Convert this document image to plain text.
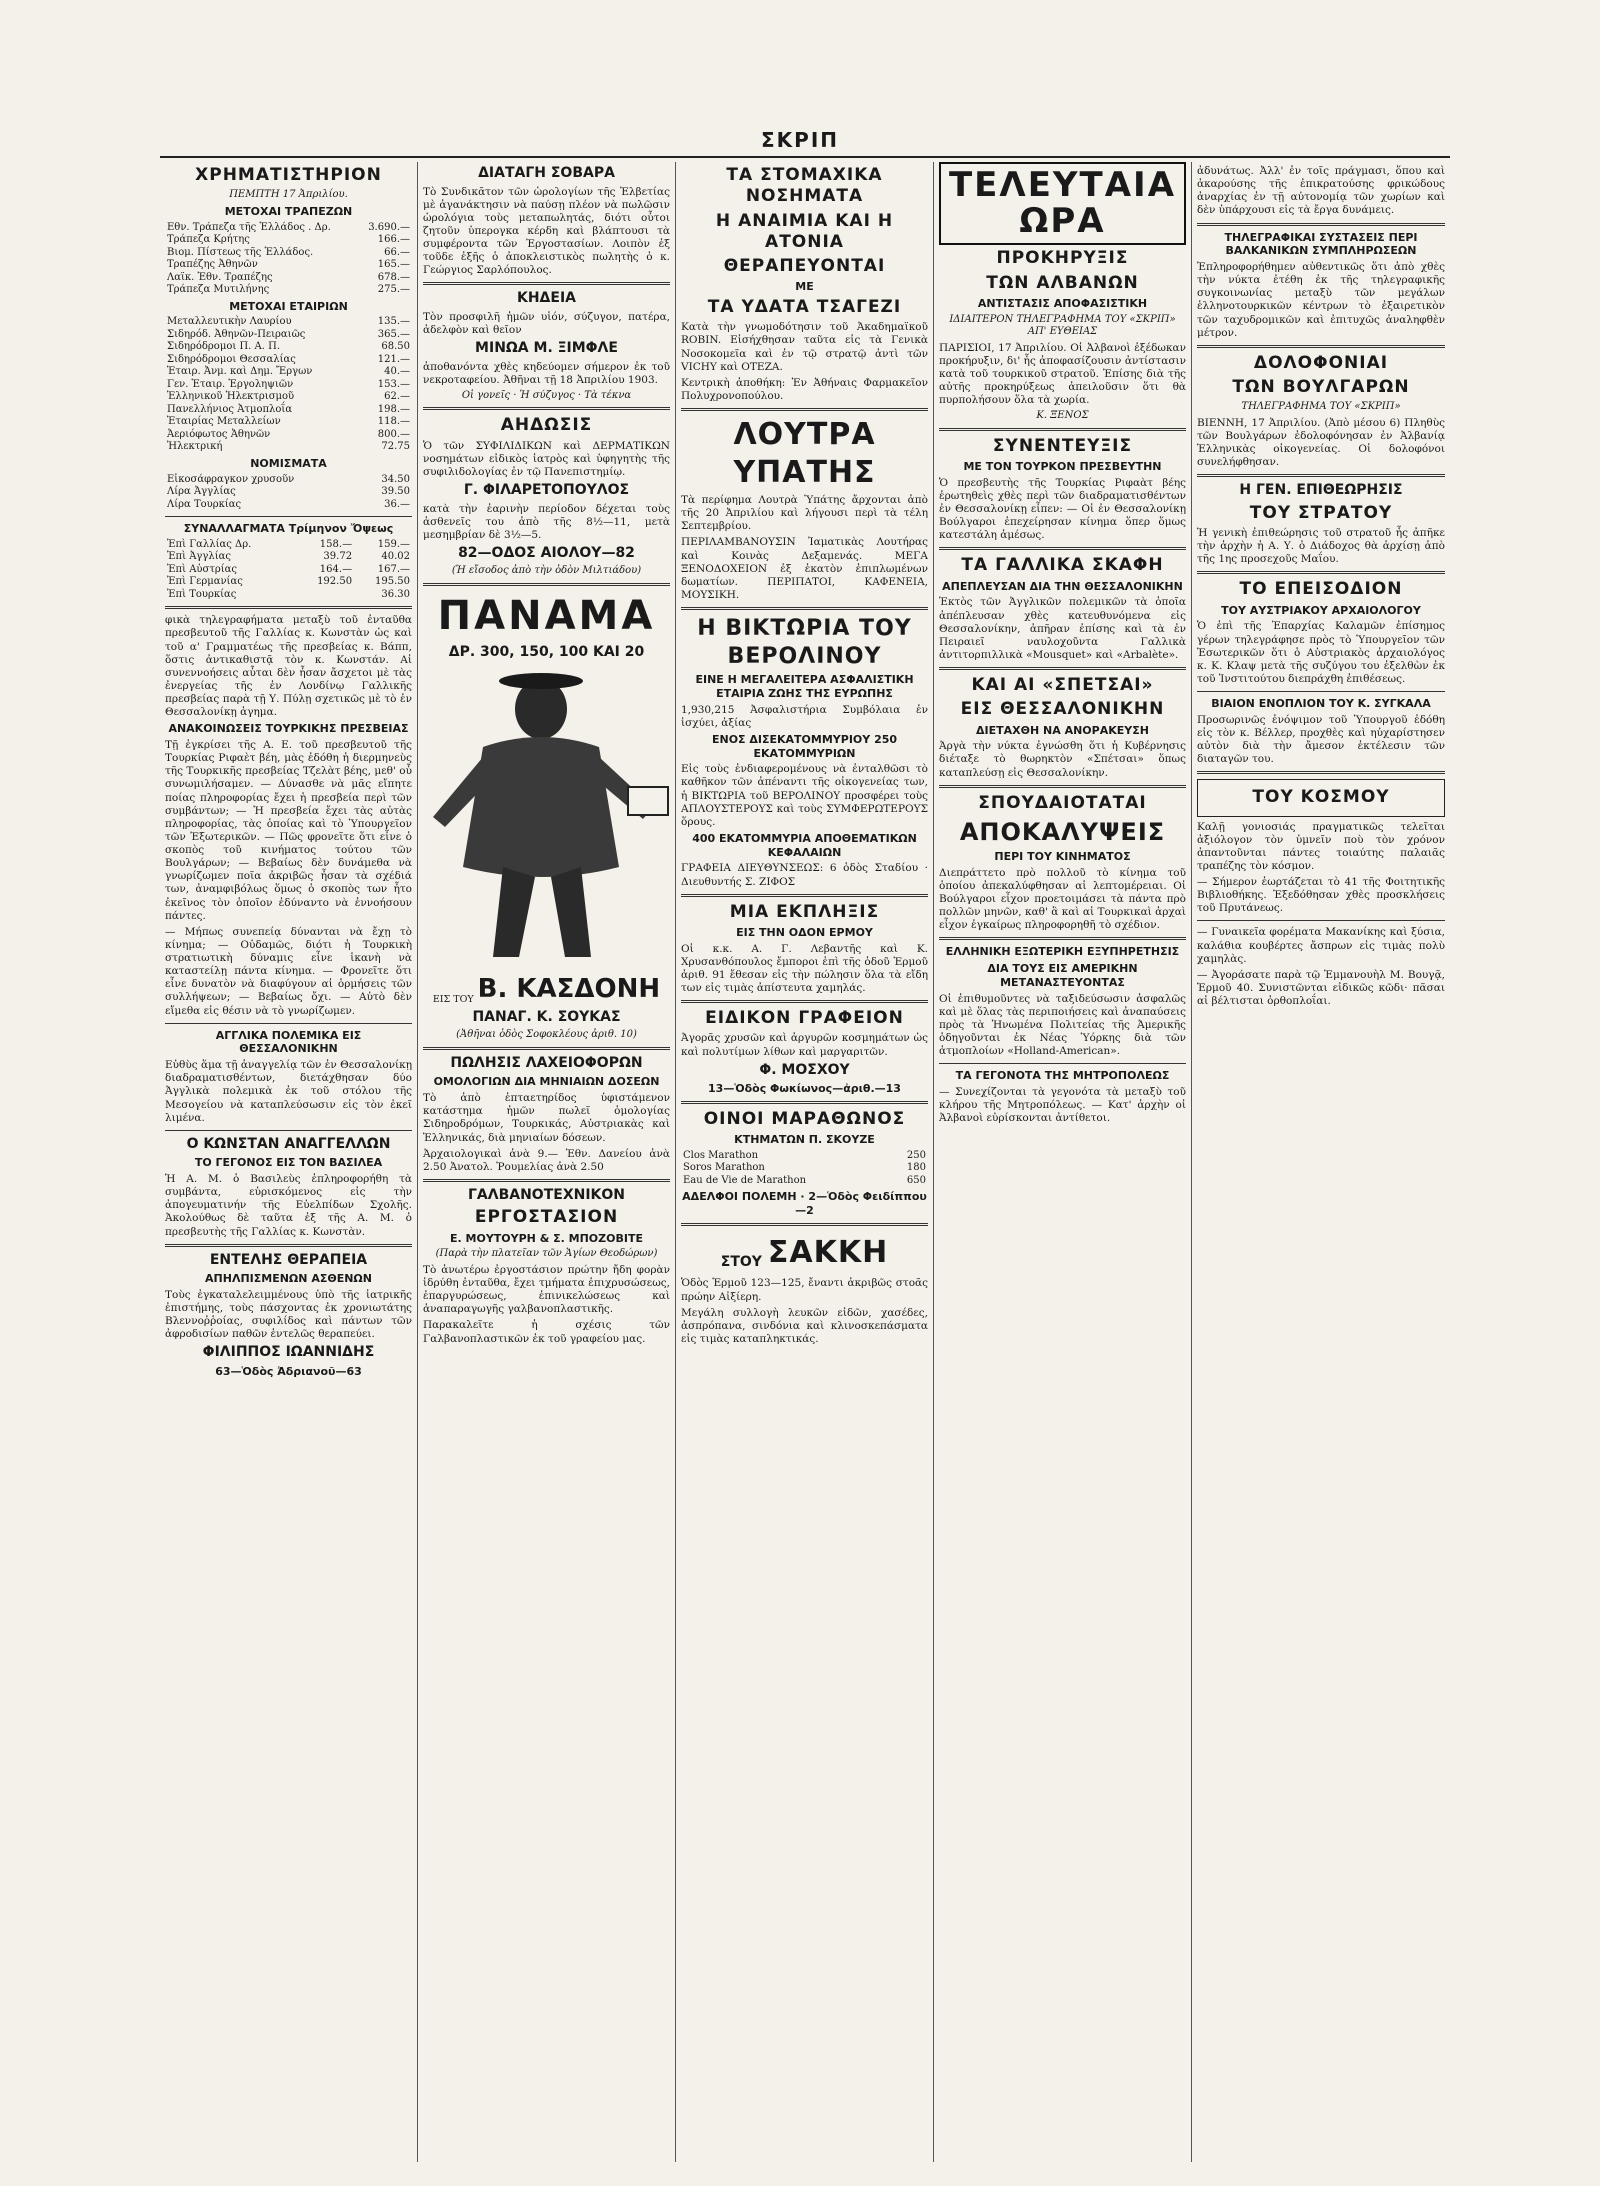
ΣΚΡΙΠ
ΧΡΗΜΑΤΙΣΤΗΡΙΟΝ
ΠΕΜΠΤΗ 17 Ἀπριλίου.
ΜΕΤΟΧΑΙ ΤΡΑΠΕΖΩΝ
Εθν. Τράπεζα τῆς Ἑλλάδος . Δρ.	3.690.—
Τράπεζα Κρήτης	166.—
Βιομ. Πίστεως τῆς Ἑλλάδος.	66.—
Τραπέζης Ἀθηνῶν	165.—
Λαϊκ. Ἐθν. Τραπέζης	678.—
Τράπεζα Μυτιλήνης	275.—
ΜΕΤΟΧΑΙ ΕΤΑΙΡΙΩΝ
Μεταλλευτικὴν Λαυρίου	135.—
Σιδηρόδ. Ἀθηνῶν-Πειραιῶς	365.—
Σιδηρόδρομοι Π. Α. Π.	68.50
Σιδηρόδρομοι Θεσσαλίας	121.—
Ἑταιρ. Ἀνμ. καὶ Δημ. Ἔργων	40.—
Γεν. Ἑταιρ. Ἐργοληψιῶν	153.—
Ἑλληνικοῦ Ἠλεκτρισμοῦ	62.—
Πανελλήνιος Ἀτμοπλοΐα	198.—
Ἑταιρίας Μεταλλείων	118.—
Ἀεριόφωτος Ἀθηνῶν	800.—
Ἠλεκτρική	72.75
ΝΟΜΙΣΜΑΤΑ
Εἰκοσάφραγκον χρυσοῦν	34.50
Λίρα Ἀγγλίας	39.50
Λίρα Τουρκίας	36.—
ΣΥΝΑΛΛΑΓΜΑΤΑ Τρίμηνον Ὄψεως
Ἐπὶ Γαλλίας Δρ.	158.—	159.—
Ἐπὶ Ἀγγλίας	39.72	40.02
Ἐπὶ Αὐστρίας	164.—	167.—
Ἐπὶ Γερμανίας	192.50	195.50
Ἐπὶ Τουρκίας		36.30
φικὰ τηλεγραφήματα μεταξὺ τοῦ ἐνταῦθα πρεσβευτοῦ τῆς Γαλλίας κ. Κωνστὰν ὡς καὶ τοῦ α' Γραμματέως τῆς πρεσβείας κ. Βάππ, ὅστις ἀντικαθιστᾷ τὸν κ. Κωνστάν. Αἱ συνεννοήσεις αὗται δὲν ἦσαν ἄσχετοι μὲ τὰς ἐνεργείας τῆς ἐν Λονδίνῳ Γαλλικῆς πρεσβείας παρὰ τῇ Υ. Πύλῃ σχετικῶς μὲ τὸ ἐν Θεσσαλονίκῃ ἀγημα.
ΑΝΑΚΟΙΝΩΣΕΙΣ ΤΟΥΡΚΙΚΗΣ ΠΡΕΣΒΕΙΑΣ
Τῇ ἐγκρίσει τῆς Α. Ε. τοῦ πρεσβευτοῦ τῆς Τουρκίας Ριφαὲτ βέη, μὰς ἐδόθη ἡ διερμηνεὺς τῆς Τουρκικῆς πρεσβείας Τζελὰτ βέης, μεθ' οὗ συνωμιλήσαμεν. — Δύνασθε νὰ μᾶς εἴπητε ποίας πληροφορίας ἔχει ἡ πρεσβεία περὶ τῶν συμβάντων; — Ἡ πρεσβεία ἔχει τὰς αὐτὰς πληροφορίας, τὰς ὁποίας καὶ τὸ Ὑπουργεῖον τῶν Ἐξωτερικῶν. — Πῶς φρονεῖτε ὅτι εἶνε ὁ σκοπὸς τοῦ κινήματος τούτου τῶν Βουλγάρων; — Βεβαίως δὲν δυνάμεθα νὰ γνωρίζωμεν ποῖα ἀκριβῶς ἦσαν τὰ σχέδιά των, ἀναμφιβόλως ὅμως ὁ σκοπὸς των ἦτο ἐκεῖνος τὸν ὁποῖον ἐδύναντο νὰ ἐννοήσουν πάντες.
— Μήπως συνεπείᾳ δύνανται νὰ ἔχῃ τὸ κίνημα; — Οὐδαμῶς, διότι ἡ Τουρκικὴ στρατιωτικὴ δύναμις εἶνε ἱκανὴ νὰ καταστείλῃ πάντα κίνημα. — Φρονεῖτε ὅτι εἶνε δυνατὸν νὰ διαφύγουν αἱ ὁρμήσεις τῶν συλλήψεων; — Βεβαίως ὄχι. — Αὐτὸ δὲν εἴμεθα εἰς θέσιν νὰ τὸ γνωρίζωμεν.
ΑΓΓΛΙΚΑ ΠΟΛΕΜΙΚΑ ΕΙΣ ΘΕΣΣΑΛΟΝΙΚΗΝ
Εὐθὺς ἅμα τῇ ἀναγγελίᾳ τῶν ἐν Θεσσαλονίκῃ διαδραματισθέντων, διετάχθησαν δύο Ἀγγλικὰ πολεμικὰ ἐκ τοῦ στόλου τῆς Μεσογείου νὰ καταπλεύσωσιν εἰς τὸν ἐκεῖ λιμένα.
Ο ΚΩΝΣΤΑΝ ΑΝΑΓΓΕΛΛΩΝ
ΤΟ ΓΕΓΟΝΟΣ ΕΙΣ ΤΟΝ ΒΑΣΙΛΕΑ
Ἡ Α. Μ. ὁ Βασιλεὺς ἐπληροφορήθη τὰ συμβάντα, εὑρισκόμενος εἰς τὴν ἀπογευματινήν τῆς Εὐελπίδων Σχολῆς. Ἀκολούθως δὲ ταῦτα ἐξ τῆς Α. Μ. ὁ πρεσβευτὴς τῆς Γαλλίας κ. Κωνστὰν.
ΕΝΤΕΛΗΣ ΘΕΡΑΠΕΙΑ
ΑΠΗΛΠΙΣΜΕΝΩΝ ΑΣΘΕΝΩΝ
Τοὺς ἐγκαταλελειμμένους ὑπὸ τῆς ἰατρικῆς ἐπιστήμης, τοὺς πάσχοντας ἐκ χρονιωτάτης Βλεννοῤῥοίας, συφιλίδος καὶ πάντων τῶν ἀφροδισίων παθῶν ἐντελῶς θεραπεύει.
ΦΙΛΙΠΠΟΣ ΙΩΑΝΝΙΔΗΣ
63—Ὁδὸς Ἀδριανοῦ—63
ΔΙΑΤΑΓΗ ΣΟΒΑΡΑ
Τὸ Συνδικᾶτον τῶν ὡρολογίων τῆς Ἑλβετίας μὲ ἀγανάκτησιν νὰ παύσῃ πλέον νὰ πωλῶσιν ὡρολόγια τοὺς μεταπωλητάς, διότι οὗτοι ζητοῦν ὑπερογκα κέρδη καὶ βλάπτουσι τὰ συμφέροντα τῶν Ἐργοστασίων. Λοιπὸν ἐξ τοῦδε ἐξῆς ὁ ἀποκλειστικὸς πωλητὴς ὁ κ. Γεώργιος Σαρλόπουλος.
ΚΗΔΕΙΑ
Τὸν προσφιλῆ ἡμῶν υἱόν, σύζυγον, πατέρα, ἀδελφὸν καὶ θεῖον
ΜΙΝΩΑ Μ. ΞΙΜΦΛΕ
ἀποθανόντα χθὲς κηδεύομεν σήμερον ἐκ τοῦ νεκροταφείου. Ἀθῆναι τῇ 18 Ἀπριλίου 1903.
Οἱ γονεῖς · Ἡ σύζυγος · Τὰ τέκνα
ΑΗΔΩΣΙΣ
Ὁ τῶν ΣΥΦΙΛΙΔΙΚΩΝ καὶ ΔΕΡΜΑΤΙΚΩΝ νοσημάτων εἰδικὸς ἰατρὸς καὶ ὑφηγητὴς τῆς συφιλιδολογίας ἐν τῷ Πανεπιστημίῳ.
Γ. ΦΙΛΑΡΕΤΟΠΟΥΛΟΣ
κατὰ τὴν ἐαρινὴν περίοδον δέχεται τοὺς ἀσθενεῖς του ἀπὸ τῆς 8½—11, μετὰ μεσημβρίαν δὲ 3½—5.
82—ΟΔΟΣ ΑΙΟΛΟΥ—82
(Ἡ εἴσοδος ἀπὸ τὴν ὁδὸν Μιλτιάδου)
ΠΑΝΑΜΑ
ΔΡ. 300, 150, 100 ΚΑΙ 20
ΕΙΣ ΤΟΥ Β. ΚΑΣΔΟΝΗ
ΠΑΝΑΓ. Κ. ΣΟΥΚΑΣ
(Ἀθῆναι ὁδὸς Σοφοκλέους ἀριθ. 10)
ΠΩΛΗΣΙΣ ΛΑΧΕΙΟΦΟΡΩΝ
ΟΜΟΛΟΓΙΩΝ ΔΙΑ ΜΗΝΙΑΙΩΝ ΔΟΣΕΩΝ
Τὸ ἀπὸ ἑπταετηρίδος ὑφιστάμενον κατάστημα ἡμῶν πωλεῖ ὁμολογίας Σιδηροδρόμων, Τουρκικάς, Αὐστριακὰς καὶ Ἑλληνικάς, διὰ μηνιαίων δόσεων.
Ἀρχαιολογικαὶ ἀνὰ 9.— Ἐθν. Δανείου ἀνὰ 2.50 Ἀνατολ. Ῥουμελίας ἀνὰ 2.50
ΓΑΛΒΑΝΟΤΕΧΝΙΚΟΝ
ΕΡΓΟΣΤΑΣΙΟΝ
Ε. ΜΟΥΤΟΥΡΗ & Σ. ΜΠΟΖΟΒΙΤΕ
(Παρὰ τὴν πλατεῖαν τῶν Ἁγίων Θεοδώρων)
Τὸ ἀνωτέρω ἐργοστάσιον πρώτην ἤδη φορὰν ἱδρύθη ἐνταῦθα, ἔχει τμήματα ἐπιχρυσώσεως, ἐπαργυρώσεως, ἐπινικελώσεως καὶ ἀναπαραγωγῆς γαλβανοπλαστικῆς.
Παρακαλεῖτε ἡ σχέσις τῶν Γαλβανοπλαστικῶν ἐκ τοῦ γραφείου μας.
ΤΑ ΣΤΟΜΑΧΙΚΑ ΝΟΣΗΜΑΤΑ
Η ΑΝΑΙΜΙΑ ΚΑΙ Η ΑΤΟΝΙΑ
ΘΕΡΑΠΕΥΟΝΤΑΙ
ΜΕ
ΤΑ ΥΔΑΤΑ ΤΣΑΓΕΖΙ
Κατὰ τὴν γνωμοδότησιν τοῦ Ἀκαδημαϊκοῦ ROBIN. Εἰσήχθησαν ταῦτα εἰς τὰ Γενικὰ Νοσοκομεῖα καὶ ἐν τῷ στρατῷ ἀντὶ τῶν VICHY καὶ OTEZA.
Κεντρικὴ ἀποθήκη: Ἐν Ἀθήναις Φαρμακεῖον Πολυχρονοπούλου.
ΛΟΥΤΡΑ ΥΠΑΤΗΣ
Τὰ περίφημα Λουτρὰ Ὑπάτης ἄρχονται ἀπὸ τῆς 20 Ἀπριλίου καὶ λήγουσι περὶ τὰ τέλη Σεπτεμβρίου.
ΠΕΡΙΛΑΜΒΑΝΟΥΣΙΝ Ἰαματικὰς Λουτήρας καὶ Κοινὰς Δεξαμενάς. ΜΕΓΑ ΞΕΝΟΔΟΧΕΙΟΝ ἐξ ἑκατὸν ἐπιπλωμένων δωματίων. ΠΕΡΙΠΑΤΟΙ, ΚΑΦΕΝΕΙΑ, ΜΟΥΣΙΚΗ.
Η ΒΙΚΤΩΡΙΑ ΤΟΥ ΒΕΡΟΛΙΝΟΥ
ΕΙΝΕ Η ΜΕΓΑΛΕΙΤΕΡΑ ΑΣΦΑΛΙΣΤΙΚΗ ΕΤΑΙΡΙΑ ΖΩΗΣ ΤΗΣ ΕΥΡΩΠΗΣ
1,930,215 Ἀσφαλιστήρια Συμβόλαια ἐν ἰσχύει, ἀξίας
ΕΝΟΣ ΔΙΣΕΚΑΤΟΜΜΥΡΙΟΥ 250 ΕΚΑΤΟΜΜΥΡΙΩΝ
Εἰς τοὺς ἐνδιαφερομένους νὰ ἐνταλθῶσι τὸ καθῆκον τῶν ἀπέναντι τῆς οἰκογενείας των, ἡ ΒΙΚΤΩΡΙΑ τοῦ ΒΕΡΟΛΙΝΟΥ προσφέρει τοὺς ΑΠΛΟΥΣΤΕΡΟΥΣ καὶ τοὺς ΣΥΜΦΕΡΩΤΕΡΟΥΣ ὅρους.
400 ΕΚΑΤΟΜΜΥΡΙΑ ΑΠΟΘΕΜΑΤΙΚΩΝ ΚΕΦΑΛΑΙΩΝ
ΓΡΑΦΕΙΑ ΔΙΕΥΘΥΝΣΕΩΣ: 6 ὁδὸς Σταδίου · Διευθυντής Σ. ΖΙΦΟΣ
ΜΙΑ ΕΚΠΛΗΞΙΣ
ΕΙΣ ΤΗΝ ΟΔΟΝ ΕΡΜΟΥ
Οἱ κ.κ. Α. Γ. Λεβαντῆς καὶ Κ. Χρυσανθόπουλος ἔμποροι ἐπὶ τῆς ὁδοῦ Ἑρμοῦ ἀριθ. 91 ἔθεσαν εἰς τὴν πώλησιν ὅλα τὰ εἴδη των εἰς τιμὰς ἀπίστευτα χαμηλάς.
ΕΙΔΙΚΟΝ ΓΡΑΦΕΙΟΝ
Ἀγορᾶς χρυσῶν καὶ ἀργυρῶν κοσμημάτων ὡς καὶ πολυτίμων λίθων καὶ μαργαριτῶν.
Φ. ΜΟΣΧΟΥ
13—Ὁδὸς Φωκίωνος—ἀριθ.—13
ΟΙΝΟΙ ΜΑΡΑΘΩΝΟΣ
ΚΤΗΜΑΤΩΝ Π. ΣΚΟΥΖΕ
Clos Marathon	250
Soros Marathon	180
Eau de Vie de Marathon	650
ΑΔΕΛΦΟΙ ΠΟΛΕΜΗ · 2—Ὁδὸς Φειδίππου—2
ΣΤΟΥ ΣΑΚΚΗ
Ὁδὸς Ἑρμοῦ 123—125, ἔναντι ἀκριβῶς στοᾶς πρώην Αἰξίερη.
Μεγάλη συλλογὴ λευκῶν εἰδῶν, χασέδες, ἀσπρόπανα, σινδόνια καὶ κλινοσκεπάσματα εἰς τιμὰς καταπληκτικάς.
ΤΕΛΕΥΤΑΙΑ ΩΡΑ
ΠΡΟΚΗΡΥΞΙΣ
ΤΩΝ ΑΛΒΑΝΩΝ
ΑΝΤΙΣΤΑΣΙΣ ΑΠΟΦΑΣΙΣΤΙΚΗ
ΙΔΙΑΙΤΕΡΟΝ ΤΗΛΕΓΡΑΦΗΜΑ ΤΟΥ «ΣΚΡΙΠ» ΑΠ' ΕΥΘΕΙΑΣ
ΠΑΡΙΣΙΟΙ, 17 Ἀπριλίου. Οἱ Ἀλβανοὶ ἐξέδωκαν προκήρυξιν, δι' ἧς ἀποφασίζουσιν ἀντίστασιν κατὰ τοῦ τουρκικοῦ στρατοῦ. Ἐπίσης διὰ τῆς αὐτῆς προκηρύξεως ἀπειλοῦσιν ὅτι θὰ πυρπολήσουν ὅλα τὰ χωρία.
Κ. ΞΕΝΟΣ
ΣΥΝΕΝΤΕΥΞΙΣ
ΜΕ ΤΟΝ ΤΟΥΡΚΟΝ ΠΡΕΣΒΕΥΤΗΝ
Ὁ πρεσβευτὴς τῆς Τουρκίας Ριφαὰτ βέης ἐρωτηθεὶς χθὲς περὶ τῶν διαδραματισθέντων ἐν Θεσσαλονίκῃ εἶπεν: — Οἱ ἐν Θεσσαλονίκῃ Βούλγαροι ἐπεχείρησαν κίνημα ὅπερ ὅμως κατεστάλη ἀμέσως.
ΤΑ ΓΑΛΛΙΚΑ ΣΚΑΦΗ
ΑΠΕΠΛΕΥΣΑΝ ΔΙΑ ΤΗΝ ΘΕΣΣΑΛΟΝΙΚΗΝ
Ἐκτὸς τῶν Ἀγγλικῶν πολεμικῶν τὰ ὁποῖα ἀπέπλευσαν χθὲς κατευθυνόμενα εἰς Θεσσαλονίκην, ἀπῆραν ἐπίσης καὶ τὰ ἐν Πειραιεῖ ναυλοχοῦντα Γαλλικὰ ἀντιτορπιλλικὰ «Mousquet» καὶ «Arbalète».
ΚΑΙ ΑΙ «ΣΠΕΤΣΑΙ»
ΕΙΣ ΘΕΣΣΑΛΟΝΙΚΗΝ
ΔΙΕΤΑΧΘΗ ΝΑ ΑΝΟΡΑΚΕΥΣΗ
Ἀργὰ τὴν νύκτα ἐγνώσθη ὅτι ἡ Κυβέρνησις διέταξε τὸ θωρηκτὸν «Σπέτσαι» ὅπως καταπλεύσῃ εἰς Θεσσαλονίκην.
ΣΠΟΥΔΑΙΟΤΑΤΑΙ
ΑΠΟΚΑΛΥΨΕΙΣ
ΠΕΡΙ ΤΟΥ ΚΙΝΗΜΑΤΟΣ
Διεπράττετο πρὸ πολλοῦ τὸ κίνημα τοῦ ὁποίου ἀπεκαλύφθησαν αἱ λεπτομέρειαι. Οἱ Βούλγαροι εἶχον προετοιμάσει τὰ πάντα πρὸ πολλῶν μηνῶν, καθ' ἃ καὶ αἱ Τουρκικαὶ ἀρχαὶ εἶχον ἐγκαίρως πληροφορηθῆ τὸ σχέδιον.
ΕΛΛΗΝΙΚΗ ΕΞΩΤΕΡΙΚΗ ΕΞΥΠΗΡΕΤΗΣΙΣ
ΔΙΑ ΤΟΥΣ ΕΙΣ ΑΜΕΡΙΚΗΝ ΜΕΤΑΝΑΣΤΕΥΟΝΤΑΣ
Οἱ ἐπιθυμοῦντες νὰ ταξιδεύσωσιν ἀσφαλῶς καὶ μὲ ὅλας τὰς περιποιήσεις καὶ ἀναπαύσεις πρὸς τὰ Ἡνωμένα Πολιτείας τῆς Ἀμερικῆς ὁδηγοῦνται ἐκ Νέας Ὑόρκης διὰ τῶν ἀτμοπλοίων «Holland-American».
ΤΑ ΓΕΓΟΝΟΤΑ ΤΗΣ ΜΗΤΡΟΠΟΛΕΩΣ
— Συνεχίζονται τὰ γεγονότα τὰ μεταξὺ τοῦ κλήρου τῆς Μητροπόλεως. — Κατ' ἀρχὴν οἱ Ἀλβανοὶ εὑρίσκονται ἀντίθετοι.
ἀδυνάτως. Ἀλλ' ἐν τοῖς πράγμασι, ὅπου καὶ ἀκαρούσης τῆς ἐπικρατούσης φρικώδους ἀναρχίας ἐν τῇ αὐτονομίᾳ τῶν χωρίων καὶ δὲν ὑπάρχουσι εἰς τὰ ἔργα δυνάμεις.
ΤΗΛΕΓΡΑΦΙΚΑΙ ΣΥΣΤΑΣΕΙΣ ΠΕΡΙ ΒΑΛΚΑΝΙΚΩΝ ΣΥΜΠΛΗΡΩΣΕΩΝ
Ἐπληροφορήθημεν αὐθεντικῶς ὅτι ἀπὸ χθὲς τὴν νύκτα ἐτέθη ἐκ τῆς τηλεγραφικῆς συγκοινωνίας μεταξὺ τῶν μεγάλων ἑλληνοτουρκικῶν κέντρων τὸ ἐξαιρετικὸν τῶν ταχυδρομικῶν καὶ ἐπιτυχῶς ἀναληφθὲν μέτρον.
ΔΟΛΟΦΟΝΙΑΙ
ΤΩΝ ΒΟΥΛΓΑΡΩΝ
ΤΗΛΕΓΡΑΦΗΜΑ ΤΟΥ «ΣΚΡΙΠ»
ΒΙΕΝΝΗ, 17 Ἀπριλίου. (Ἀπὸ μέσου 6) Πληθὺς τῶν Βουλγάρων ἐδολοφόνησαν ἐν Ἀλβανίᾳ Ἑλληνικὰς οἰκογενείας. Οἱ δολοφόνοι συνελήφθησαν.
Η ΓΕΝ. ΕΠΙΘΕΩΡΗΣΙΣ
ΤΟΥ ΣΤΡΑΤΟΥ
Ἡ γενικὴ ἐπιθεώρησις τοῦ στρατοῦ ἧς ἀπῆκε τὴν ἀρχὴν ἡ Α. Υ. ὁ Διάδοχος θὰ ἀρχίσῃ ἀπὸ τῆς 1ης προσεχοῦς Μαΐου.
ΤΟ ΕΠΕΙΣΟΔΙΟΝ
ΤΟΥ ΑΥΣΤΡΙΑΚΟΥ ΑΡΧΑΙΟΛΟΓΟΥ
Ὁ ἐπὶ τῆς Ἐπαρχίας Καλαμῶν ἐπίσημος γέρων τηλεγράφησε πρὸς τὸ Ὑπουργεῖον τῶν Ἐσωτερικῶν ὅτι ὁ Αὐστριακὸς ἀρχαιολόγος κ. Κ. Κλαψ μετὰ τῆς συζύγου του ἐξελθὼν ἐκ τοῦ Ἰνστιτούτου διεπράχθη ἐπιθέσεως.
ΒΙΑΙΟΝ ΕΝΟΠΛΙΟΝ ΤΟΥ Κ. ΣΥΓΚΑΛΑ
Προσωρινῶς ἐνόψιμον τοῦ Ὑπουργοῦ ἐδόθη εἰς τὸν κ. Βέλλερ, προχθὲς καὶ ηὐχαρίστησεν αὐτὸν διὰ τὴν ἄμεσον ἐκτέλεσιν τῶν διαταγῶν του.
ΤΟΥ ΚΟΣΜΟΥ
Καλῇ γονιοσιάς πραγματικῶς τελεῖται ἀξιόλογον τὸν ὑμνεῖν ποὺ τὸν χρόνον ἀπαντοῦνται πάντες τοιαύτης παλαιᾶς τραπέζης τὸν κόσμον.
— Σήμερον ἐωρτάζεται τὸ 41 τῆς Φοιτητικῆς Βιβλιοθήκης. Ἐξεδόθησαν χθὲς προσκλήσεις τοῦ Πρυτάνεως.
— Γυναικεῖα φορέματα Μακανίκης καὶ ξύσια, καλάθια κουβέρτες ἄσπρων εἰς τιμὰς πολὺ χαμηλὰς.
— Ἀγοράσατε παρὰ τῷ Ἐμμανουὴλ Μ. Βουγᾷ, Ἑρμοῦ 40. Συνιστῶνται εἰδικῶς κῶδι· πᾶσαι αἱ βέλτισται ὀρθοπλοΐαι.
